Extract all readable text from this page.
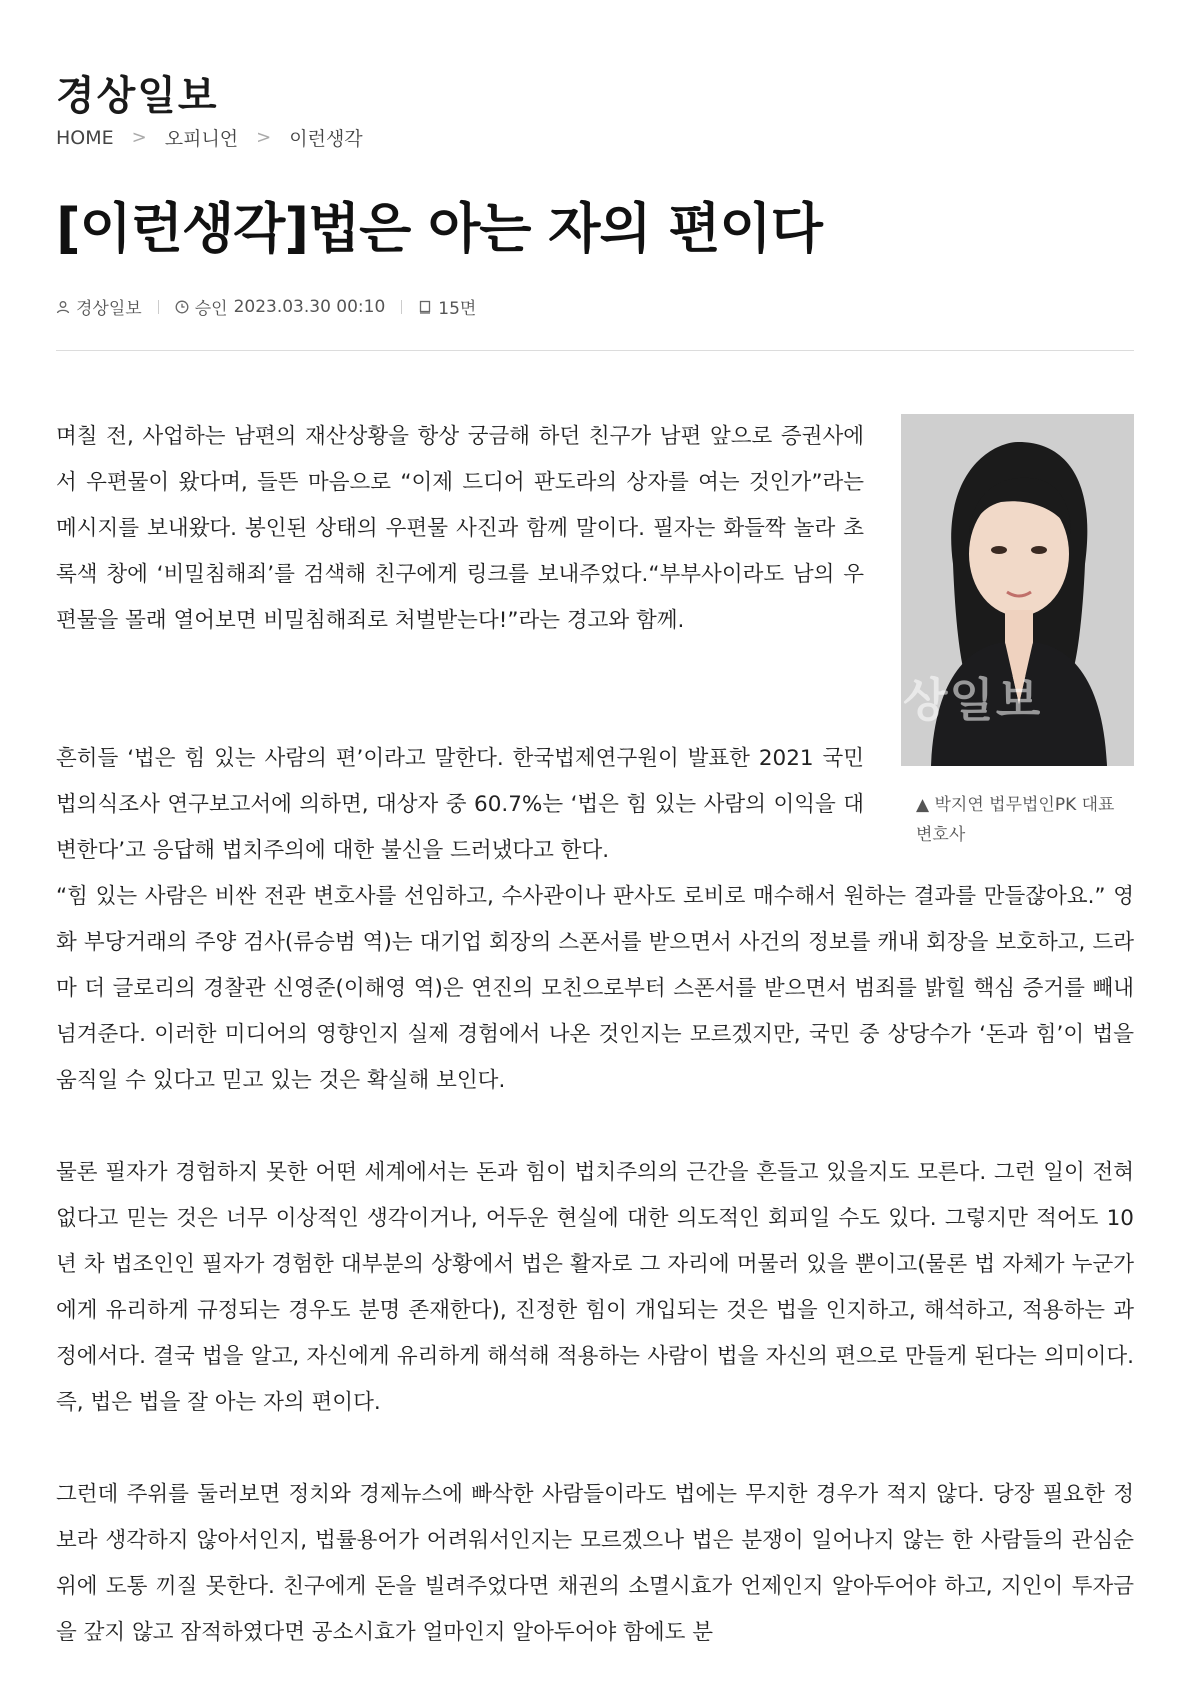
경상일보
HOME > 오피니언 > 이런생각
[이런생각]법은 아는 자의 편이다
경상일보	승인 2023.03.30 00:10	15면

며칠 전, 사업하는 남편의 재산상황을 항상 궁금해 하던 친구가 남편 앞으로 증권사에서 우편물이 왔다며, 들뜬 마음으로 “이제 드디어 판도라의 상자를 여는 것인가”라는 메시지를 보내왔다. 봉인된 상태의 우편물 사진과 함께 말이다. 필자는 화들짝 놀라 초록색 창에 ‘비밀침해죄’를 검색해 친구에게 링크를 보내주었다.“부부사이라도 남의 우편물을 몰래 열어보면 비밀침해죄로 처벌받는다!”라는 경고와 함께.

상일보

▲ 박지연 법무법인PK 대표 변호사

흔히들 ‘법은 힘 있는 사람의 편’이라고 말한다. 한국법제연구원이 발표한 2021 국민법의식조사 연구보고서에 의하면, 대상자 중 60.7%는 ‘법은 힘 있는 사람의 이익을 대변한다’고 응답해 법치주의에 대한 불신을 드러냈다고 한다.

“힘 있는 사람은 비싼 전관 변호사를 선임하고, 수사관이나 판사도 로비로 매수해서 원하는 결과를 만들잖아요.” 영화 부당거래의 주양 검사(류승범 역)는 대기업 회장의 스폰서를 받으면서 사건의 정보를 캐내 회장을 보호하고, 드라마 더 글로리의 경찰관 신영준(이해영 역)은 연진의 모친으로부터 스폰서를 받으면서 범죄를 밝힐 핵심 증거를 빼내 넘겨준다. 이러한 미디어의 영향인지 실제 경험에서 나온 것인지는 모르겠지만, 국민 중 상당수가 ‘돈과 힘’이 법을 움직일 수 있다고 믿고 있는 것은 확실해 보인다.

물론 필자가 경험하지 못한 어떤 세계에서는 돈과 힘이 법치주의의 근간을 흔들고 있을지도 모른다. 그런 일이 전혀 없다고 믿는 것은 너무 이상적인 생각이거나, 어두운 현실에 대한 의도적인 회피일 수도 있다. 그렇지만 적어도 10년 차 법조인인 필자가 경험한 대부분의 상황에서 법은 활자로 그 자리에 머물러 있을 뿐이고(물론 법 자체가 누군가에게 유리하게 규정되는 경우도 분명 존재한다), 진정한 힘이 개입되는 것은 법을 인지하고, 해석하고, 적용하는 과정에서다. 결국 법을 알고, 자신에게 유리하게 해석해 적용하는 사람이 법을 자신의 편으로 만들게 된다는 의미이다. 즉, 법은 법을 잘 아는 자의 편이다.

그런데 주위를 둘러보면 정치와 경제뉴스에 빠삭한 사람들이라도 법에는 무지한 경우가 적지 않다. 당장 필요한 정보라 생각하지 않아서인지, 법률용어가 어려워서인지는 모르겠으나 법은 분쟁이 일어나지 않는 한 사람들의 관심순위에 도통 끼질 못한다. 친구에게 돈을 빌려주었다면 채권의 소멸시효가 언제인지 알아두어야 하고, 지인이 투자금을 갚지 않고 잠적하였다면 공소시효가 얼마인지 알아두어야 함에도 분
